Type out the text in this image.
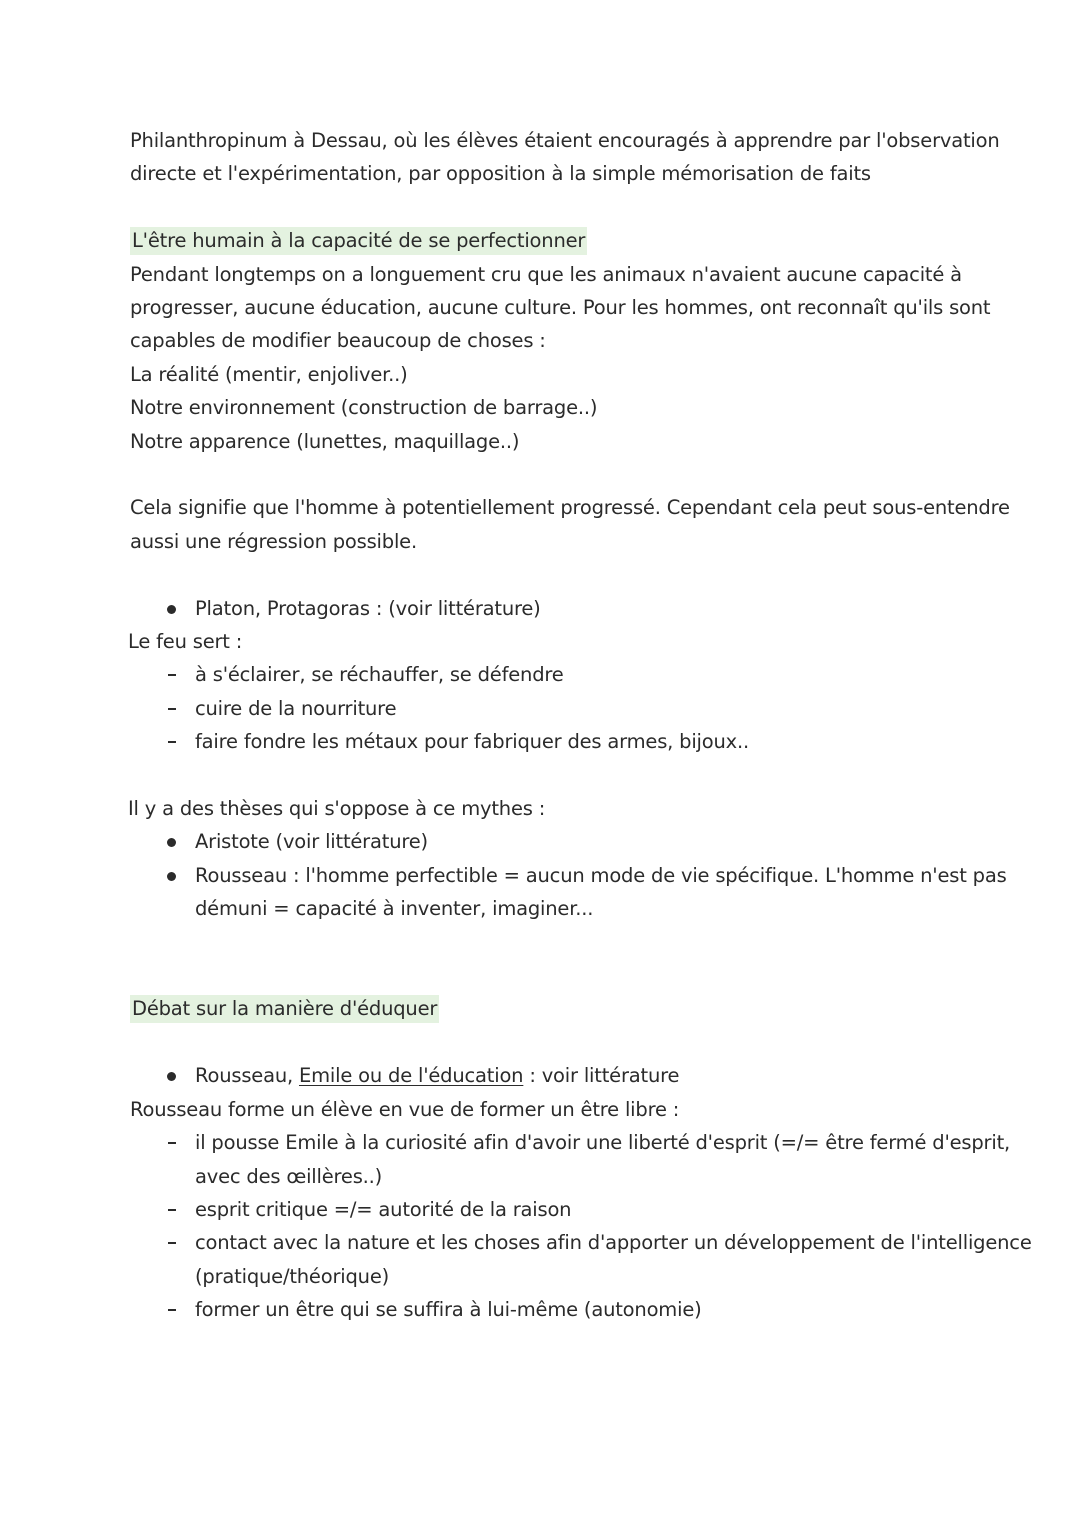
Philanthropinum à Dessau, où les élèves étaient encouragés à apprendre par l'observation
directe et l'expérimentation, par opposition à la simple mémorisation de faits
L'être humain à la capacité de se perfectionner
Pendant longtemps on a longuement cru que les animaux n'avaient aucune capacité à
progresser, aucune éducation, aucune culture. Pour les hommes, ont reconnaît qu'ils sont
capables de modifier beaucoup de choses :
La réalité (mentir, enjoliver..)
Notre environnement (construction de barrage..)
Notre apparence (lunettes, maquillage..)
Cela signifie que l'homme à potentiellement progressé. Cependant cela peut sous-entendre
aussi une régression possible.
Platon, Protagoras : (voir littérature)
Le feu sert :
à s'éclairer, se réchauffer, se défendre
cuire de la nourriture
faire fondre les métaux pour fabriquer des armes, bijoux..
Il y a des thèses qui s'oppose à ce mythes :
Aristote (voir littérature)
Rousseau : l'homme perfectible = aucun mode de vie spécifique. L'homme n'est pas
démuni = capacité à inventer, imaginer...
Débat sur la manière d'éduquer
Rousseau, Emile ou de l'éducation : voir littérature
Rousseau forme un élève en vue de former un être libre :
il pousse Emile à la curiosité afin d'avoir une liberté d'esprit (=/= être fermé d'esprit,
avec des œillères..)
esprit critique =/= autorité de la raison
contact avec la nature et les choses afin d'apporter un développement de l'intelligence
(pratique/théorique)
former un être qui se suffira à lui-même (autonomie)
